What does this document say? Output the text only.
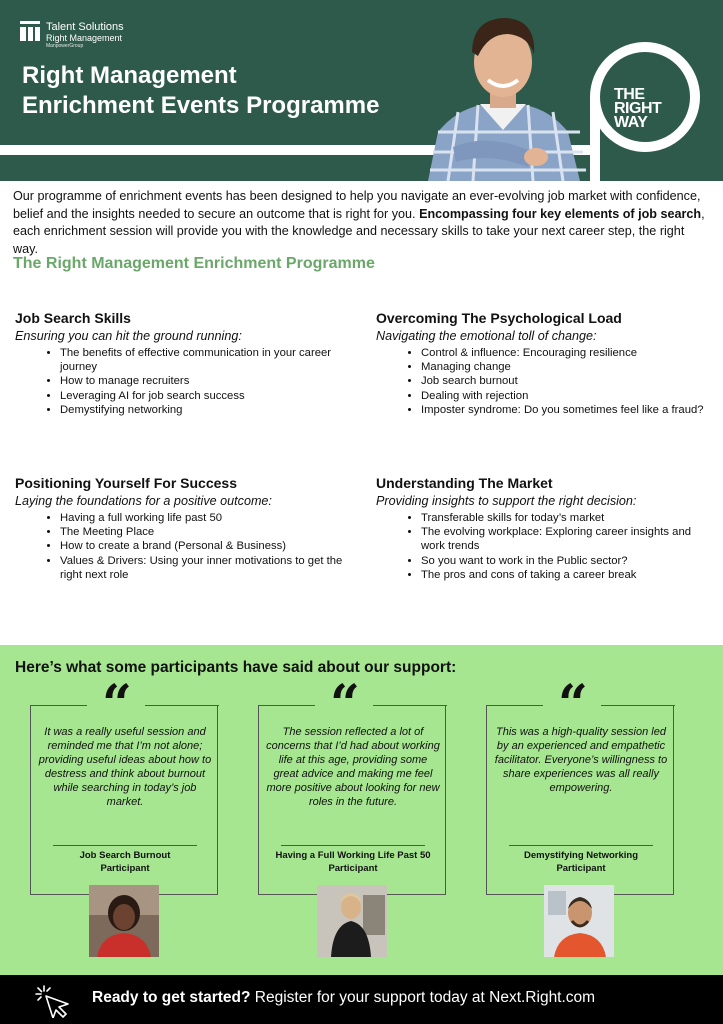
Talent Solutions
Right Management
ManpowerGroup
Right Management
Enrichment Events Programme	THE
RIGHT
WAY
Our programme of enrichment events has been designed to help you navigate an ever-evolving job market with confidence, belief and the insights needed to secure an outcome that is right for you. Encompassing four key elements of job search, each enrichment session will provide you with the knowledge and necessary skills to take your next career step, the right way.
The Right Management Enrichment Programme
Job Search Skills
Ensuring you can hit the ground running:
• The benefits of effective communication in your career journey
• How to manage recruiters
• Leveraging AI for job search success
• Demystifying networking
Overcoming The Psychological Load
Navigating the emotional toll of change:
• Control & influence: Encouraging resilience
• Managing change
• Job search burnout
• Dealing with rejection
• Imposter syndrome: Do you sometimes feel like a fraud?
Positioning Yourself For Success
Laying the foundations for a positive outcome:
• Having a full working life past 50
• The Meeting Place
• How to create a brand (Personal & Business)
• Values & Drivers: Using your inner motivations to get the right next role
Understanding The Market
Providing insights to support the right decision:
• Transferable skills for today’s market
• The evolving workplace: Exploring career insights and work trends
• So you want to work in the Public sector?
• The pros and cons of taking a career break
Here’s what some participants have said about our support:
“
It was a really useful session and reminded me that I’m not alone; providing useful ideas about how to destress and think about burnout while searching in today’s job market.
Job Search Burnout
Participant
“
The session reflected a lot of concerns that I’d had about working life at this age, providing some great advice and making me feel more positive about looking for new roles in the future.
Having a Full Working Life Past 50
Participant
“
This was a high-quality session led by an experienced and empathetic facilitator. Everyone’s willingness to share experiences was all really empowering.
Demystifying Networking
Participant
Ready to get started? Register for your support today at Next.Right.com
